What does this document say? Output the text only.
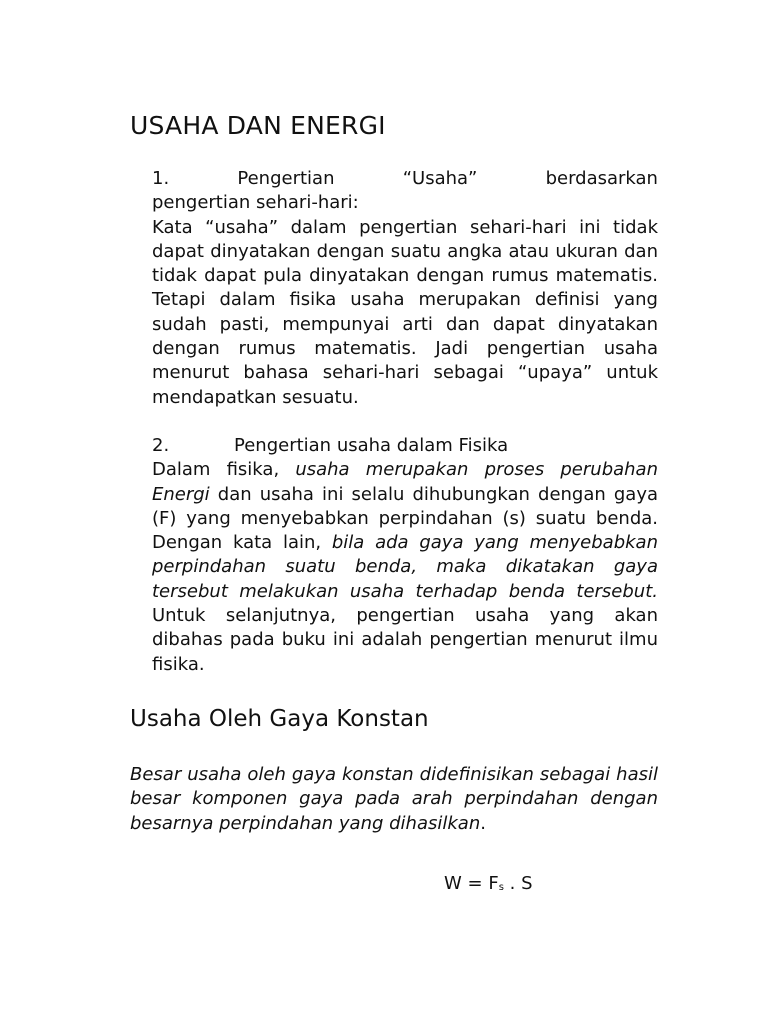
USAHA DAN ENERGI
1.	Pengertian	“Usaha”	berdasarkan
pengertian sehari-hari:
Kata “usaha” dalam pengertian sehari-hari ini tidak dapat dinyatakan dengan suatu angka atau ukuran dan tidak dapat pula dinyatakan dengan rumus matematis. Tetapi dalam fisika usaha merupakan definisi yang sudah pasti, mempunyai arti dan dapat dinyatakan dengan rumus matematis. Jadi pengertian usaha menurut bahasa sehari-hari sebagai “upaya” untuk mendapatkan sesuatu.
2.	Pengertian usaha dalam Fisika
Dalam fisika, usaha merupakan proses perubahan Energi dan usaha ini selalu dihubungkan dengan gaya (F) yang menyebabkan perpindahan (s) suatu benda. Dengan kata lain, bila ada gaya yang menyebabkan perpindahan suatu benda, maka dikatakan gaya tersebut melakukan usaha terhadap benda tersebut. Untuk selanjutnya, pengertian usaha yang akan dibahas pada buku ini adalah pengertian menurut ilmu fisika.
Usaha Oleh Gaya Konstan

Besar usaha oleh gaya konstan didefinisikan sebagai hasil besar komponen gaya pada arah perpindahan dengan besarnya perpindahan yang dihasilkan.

W = Fs . S
